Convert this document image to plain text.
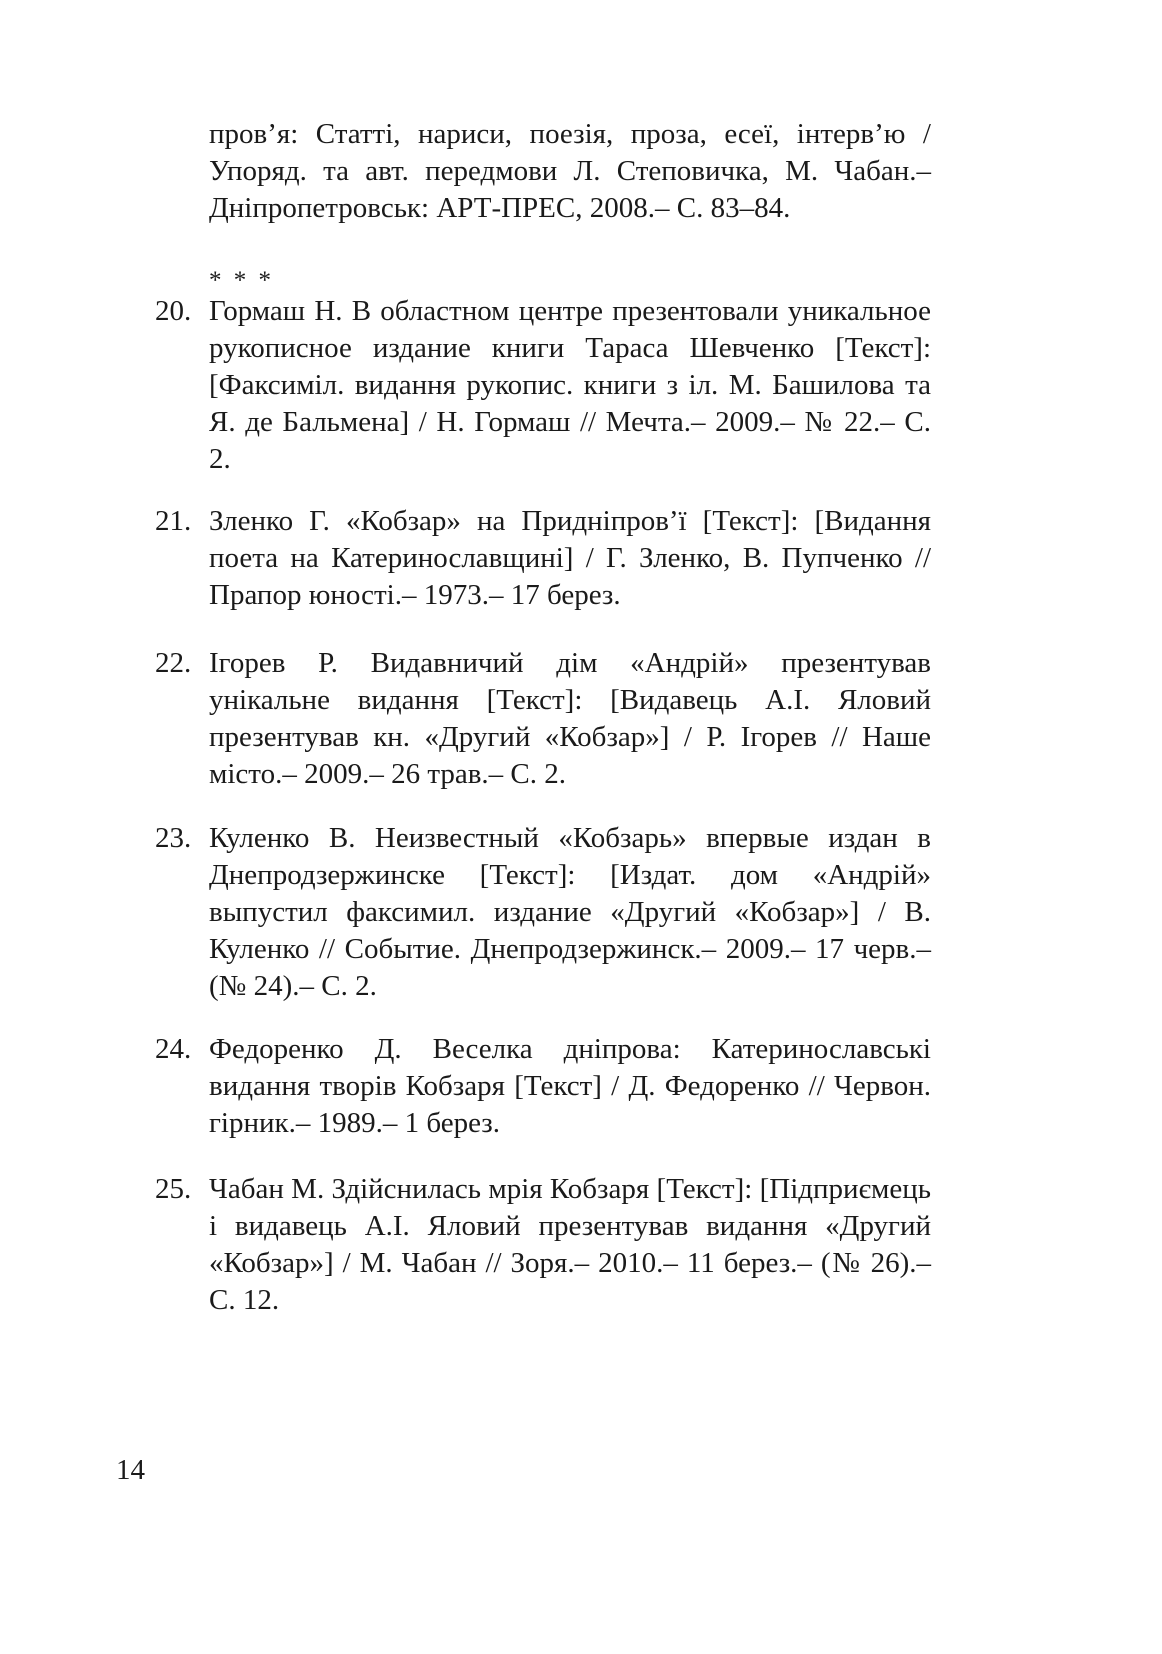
пров’я: Статті, нариси, поезія, проза, есеї, інтерв’ю / Упоряд. та авт. передмови Л. Степовичка, М. Чабан.– Дніпропетровськ: АРТ-ПРЕС, 2008.– С. 83–84.
* * *
20. Гормаш Н. В областном центре презентовали уникальное рукописное издание книги Тараса Шевченко [Текст]: [Факсиміл. видання рукопис. книги з іл. М. Башилова та Я. де Бальмена] / Н. Гормаш // Мечта.– 2009.– № 22.– С. 2.
21. Зленко Г. «Кобзар» на Придніпров’ї [Текст]: [Видання поета на Катеринославщині] / Г. Зленко, В. Пупченко // Прапор юності.– 1973.– 17 берез.
22. Ігорев Р. Видавничий дім «Андрій» презентував унікальне видання [Текст]: [Видавець А.І. Яловий презентував кн. «Другий «Кобзар»] / Р. Ігорев // Наше місто.– 2009.– 26 трав.– С. 2.
23. Куленко В. Неизвестный «Кобзарь» впервые издан в Днепродзержинске [Текст]: [Издат. дом «Андрій» выпустил факсимил. издание «Другий «Кобзар»] / В. Куленко // Событие. Днепродзержинск.– 2009.– 17 черв.– (№ 24).– С. 2.
24. Федоренко Д. Веселка дніпрова: Катеринославські видання творів Кобзаря [Текст] / Д. Федоренко // Червон. гірник.– 1989.– 1 берез.
25. Чабан М. Здійснилась мрія Кобзаря [Текст]: [Підприємець і видавець А.І. Яловий презентував видання «Другий «Кобзар»] / М. Чабан // Зоря.– 2010.– 11 берез.– (№ 26).– С. 12.
14
